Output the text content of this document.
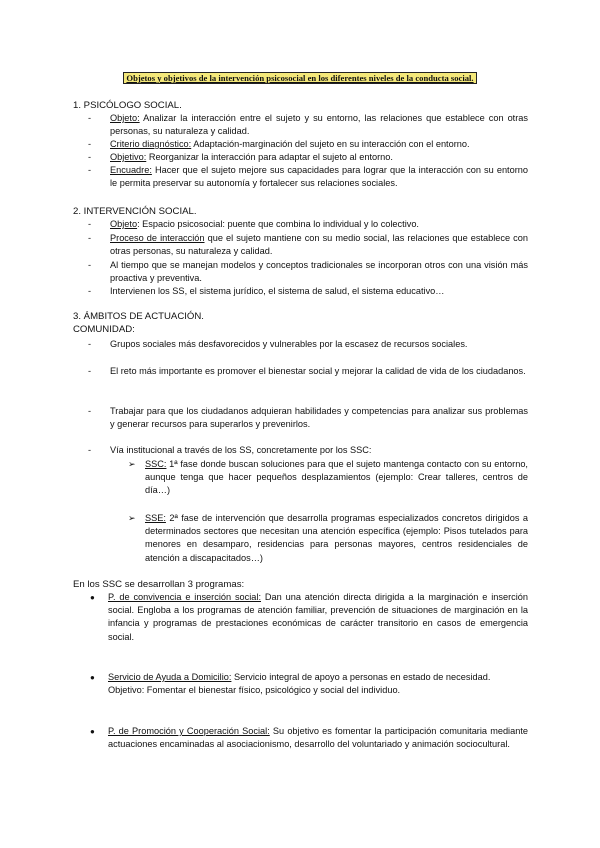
Objetos y objetivos de la intervención psicosocial en los diferentes niveles de la conducta social.
1. PSICÓLOGO SOCIAL.
-	Objeto: Analizar la interacción entre el sujeto y su entorno, las relaciones que establece con otras personas, su naturaleza y calidad.
-	Criterio diagnóstico: Adaptación-marginación del sujeto en su interacción con el entorno.
-	Objetivo: Reorganizar la interacción para adaptar el sujeto al entorno.
-	Encuadre: Hacer que el sujeto mejore sus capacidades para lograr que la interacción con su entorno le permita preservar su autonomía y fortalecer sus relaciones sociales.
2. INTERVENCIÓN SOCIAL.
-	Objeto: Espacio psicosocial: puente que combina lo individual y lo colectivo.
-	Proceso de interacción que el sujeto mantiene con su medio social, las relaciones que establece con otras personas, su naturaleza y calidad.
-	Al tiempo que se manejan modelos y conceptos tradicionales se incorporan otros con una visión más proactiva y preventiva.
-	Intervienen los SS, el sistema jurídico, el sistema de salud, el sistema educativo…
3. ÁMBITOS DE ACTUACIÓN.
COMUNIDAD:
-	Grupos sociales más desfavorecidos y vulnerables por la escasez de recursos sociales.
-	El reto más importante es promover el bienestar social y mejorar la calidad de vida de los ciudadanos.
-	Trabajar para que los ciudadanos adquieran habilidades y competencias para analizar sus problemas y generar recursos para superarlos y prevenirlos.
-	Vía institucional a través de los SS, concretamente por los SSC:
➢ SSC: 1ª fase donde buscan soluciones para que el sujeto mantenga contacto con su entorno, aunque tenga que hacer pequeños desplazamientos (ejemplo: Crear talleres, centros de día…)
➢ SSE: 2ª fase de intervención que desarrolla programas especializados concretos dirigidos a determinados sectores que necesitan una atención específica (ejemplo: Pisos tutelados para menores en desamparo, residencias para personas mayores, centros residenciales de atención a discapacitados…)
En los SSC se desarrollan 3 programas:
● P. de convivencia e inserción social: Dan una atención directa dirigida a la marginación e inserción social. Engloba a los programas de atención familiar, prevención de situaciones de marginación en la infancia y programas de prestaciones económicas de carácter transitorio en casos de emergencia social.
● Servicio de Ayuda a Domicilio: Servicio integral de apoyo a personas en estado de necesidad.
Objetivo: Fomentar el bienestar físico, psicológico y social del individuo.
● P. de Promoción y Cooperación Social: Su objetivo es fomentar la participación comunitaria mediante actuaciones encaminadas al asociacionismo, desarrollo del voluntariado y animación sociocultural.
